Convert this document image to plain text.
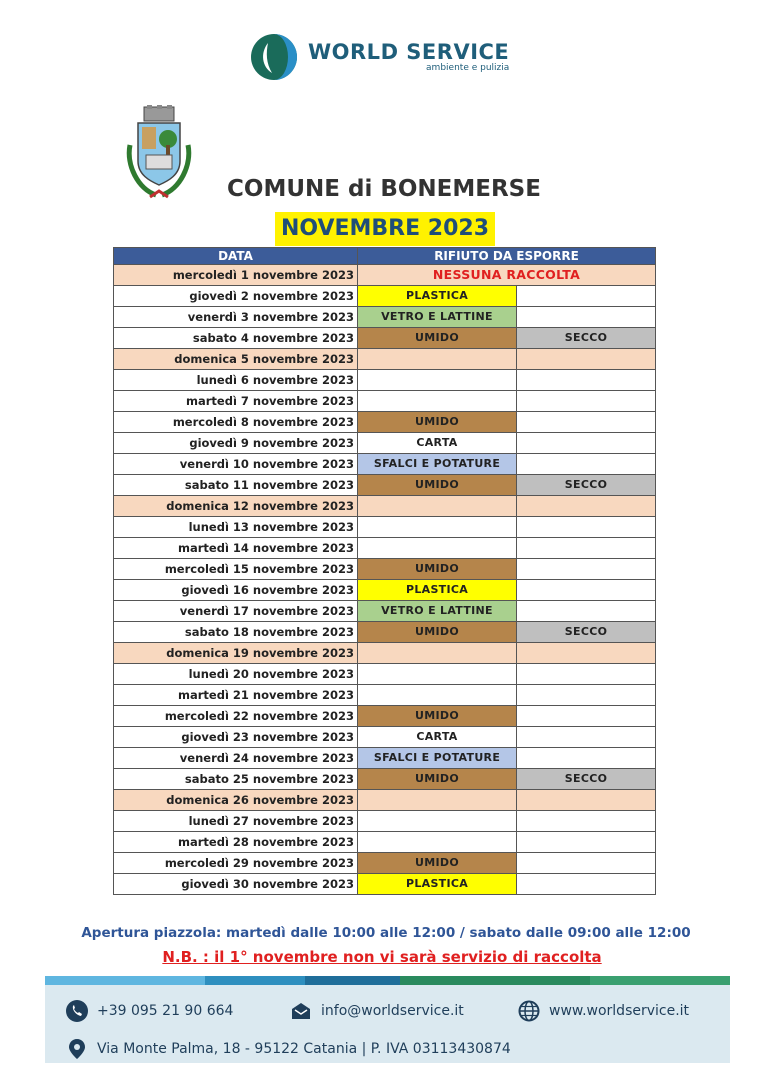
WORLD SERVICE
ambiente e pulizia
COMUNE di BONEMERSE
NOVEMBRE 2023
DATA	RIFIUTO DA ESPORRE	
mercoledì 1 novembre 2023	NESSUNA RACCOLTA	
giovedì 2 novembre 2023	PLASTICA	
venerdì 3 novembre 2023	VETRO E LATTINE	
sabato 4 novembre 2023	UMIDO	SECCO
domenica 5 novembre 2023		
lunedì 6 novembre 2023		
martedì 7 novembre 2023		
mercoledì 8 novembre 2023	UMIDO	
giovedì 9 novembre 2023	CARTA	
venerdì 10 novembre 2023	SFALCI E POTATURE	
sabato 11 novembre 2023	UMIDO	SECCO
domenica 12 novembre 2023		
lunedì 13 novembre 2023		
martedì 14 novembre 2023		
mercoledì 15 novembre 2023	UMIDO	
giovedì 16 novembre 2023	PLASTICA	
venerdì 17 novembre 2023	VETRO E LATTINE	
sabato 18 novembre 2023	UMIDO	SECCO
domenica 19 novembre 2023		
lunedì 20 novembre 2023		
martedì 21 novembre 2023		
mercoledì 22 novembre 2023	UMIDO	
giovedì 23 novembre 2023	CARTA	
venerdì 24 novembre 2023	SFALCI E POTATURE	
sabato 25 novembre 2023	UMIDO	SECCO
domenica 26 novembre 2023		
lunedì 27 novembre 2023		
martedì 28 novembre 2023		
mercoledì 29 novembre 2023	UMIDO	
giovedì 30 novembre 2023	PLASTICA	
Apertura piazzola: martedì dalle 10:00 alle 12:00 / sabato dalle 09:00 alle 12:00
N.B. : il 1° novembre non vi sarà servizio di raccolta
+39 095 21 90 664	info@worldservice.it	www.worldservice.it
Via Monte Palma, 18 - 95122 Catania | P. IVA 03113430874
